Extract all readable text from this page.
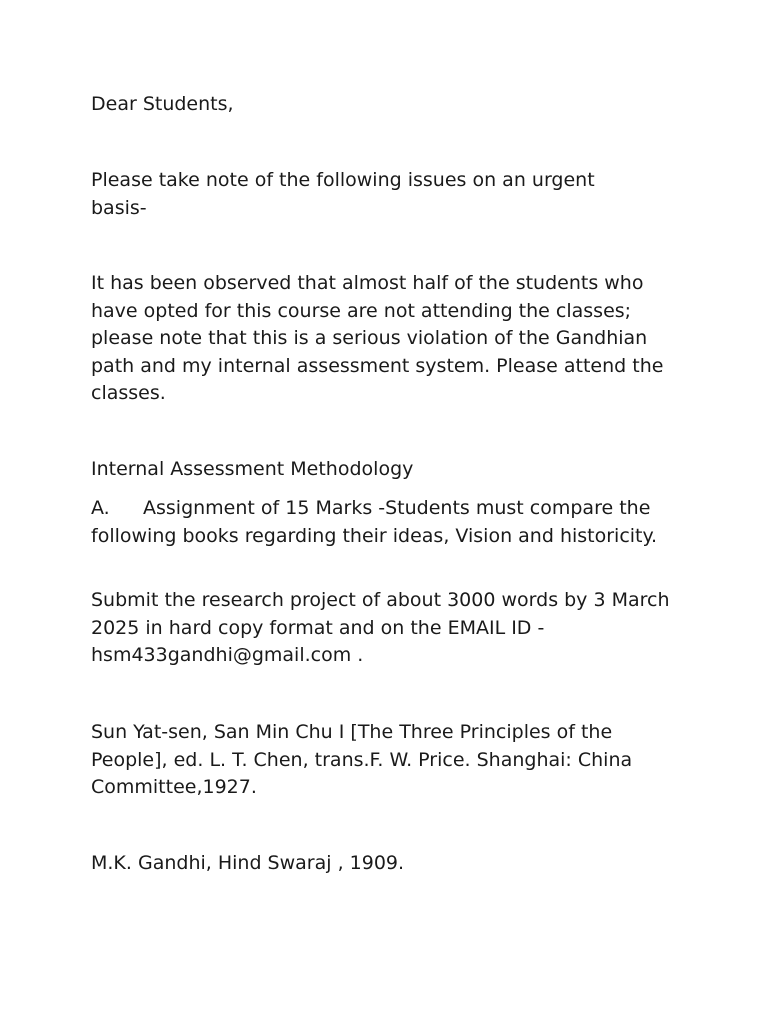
Dear Students,

Please take note of the following issues on an urgent basis-

It has been observed that almost half of the students who have opted for this course are not attending the classes; please note that this is a serious violation of the Gandhian path and my internal assessment system. Please attend the classes.

Internal Assessment Methodology

A. Assignment of 15 Marks -Students must compare the following books regarding their ideas, Vision and historicity.

Submit the research project of about 3000 words by 3 March 2025 in hard copy format and on the EMAIL ID - hsm433gandhi@gmail.com .

Sun Yat-sen, San Min Chu I [The Three Principles of the People], ed. L. T. Chen, trans.F. W. Price. Shanghai: China Committee,1927.

M.K. Gandhi, Hind Swaraj , 1909.
